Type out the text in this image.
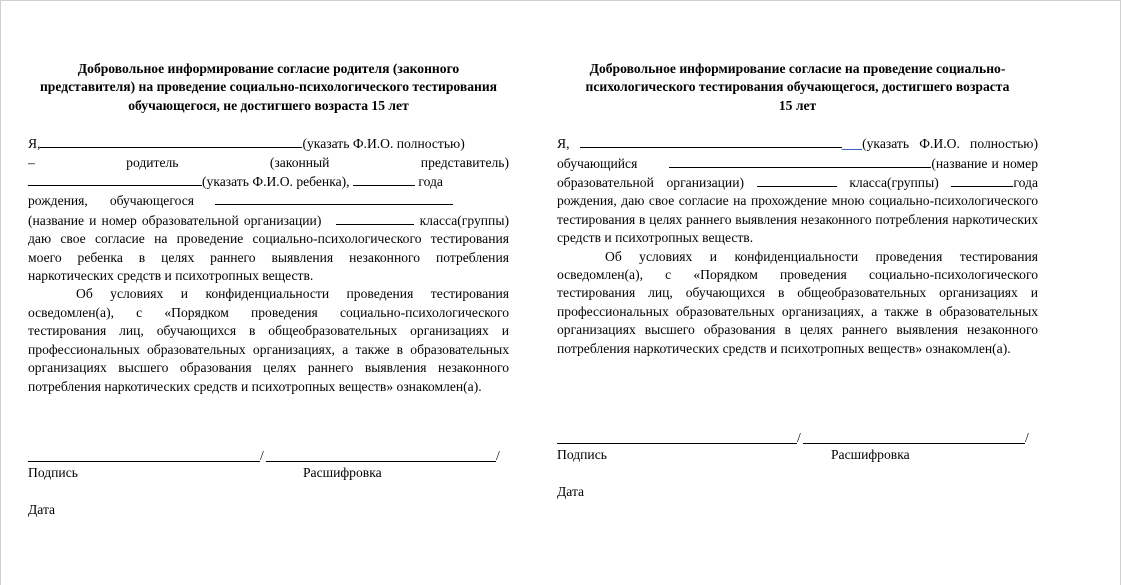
Добровольное информирование согласие родителя (законного представителя) на проведение социально-психологического тестирования обучающегося, не достигшего возраста 15 лет

Я,	(указать Ф.И.О. полностью)
– родитель (законный представитель)
(указать Ф.И.О. ребенка),	года
рождения, обучающегося
(название и номер образовательной организации)	класса(группы) даю свое согласие на проведение социально-психологического тестирования моего ребенка в целях раннего выявления незаконного потребления наркотических средств и психотропных веществ.

Об условиях и конфиденциальности проведения тестирования осведомлен(а), с «Порядком проведения социально-психологического тестирования лиц, обучающихся в общеобразовательных организациях и профессиональных образовательных организациях, а также в образовательных организациях высшего образования целях раннего выявления незаконного потребления наркотических средств и психотропных веществ» ознакомлен(а).

/	/
Подпись	Расшифровка
Дата

Добровольное информирование согласие на проведение социально-психологического тестирования обучающегося, достигшего возраста 15 лет

Я,	(указать Ф.И.О. полностью) обучающийся	(название и номер образовательной организации)	класса(группы)	года рождения, даю свое согласие на прохождение мною социально-психологического тестирования в целях раннего выявления незаконного потребления наркотических средств и психотропных веществ.

Об условиях и конфиденциальности проведения тестирования осведомлен(а), с «Порядком проведения социально-психологического тестирования лиц, обучающихся в общеобразовательных организациях и профессиональных образовательных организациях, а также в образовательных организациях высшего образования в целях раннего выявления незаконного потребления наркотических средств и психотропных веществ» ознакомлен(а).

/	/
Подпись	Расшифровка
Дата
